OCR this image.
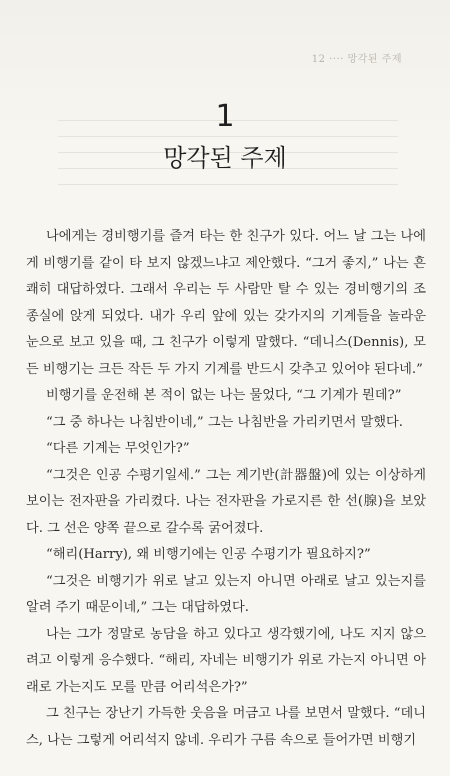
12 ···· 망각된 주제
1
망각된 주제

나에게는 경비행기를 즐겨 타는 한 친구가 있다. 어느 날 그는 나에게 비행기를 같이 타 보지 않겠느냐고 제안했다. “그거 좋지,” 나는 흔쾌히 대답하였다. 그래서 우리는 두 사람만 탈 수 있는 경비행기의 조종실에 앉게 되었다. 내가 우리 앞에 있는 갖가지의 기계들을 놀라운 눈으로 보고 있을 때, 그 친구가 이렇게 말했다. “데니스(Dennis), 모든 비행기는 크든 작든 두 가지 기계를 반드시 갖추고 있어야 된다네.”

비행기를 운전해 본 적이 없는 나는 물었다, “그 기계가 뭔데?”

“그 중 하나는 나침반이네,” 그는 나침반을 가리키면서 말했다.

“다른 기계는 무엇인가?”

“그것은 인공 수평기일세.” 그는 계기반(計器盤)에 있는 이상하게 보이는 전자판을 가리켰다. 나는 전자판을 가로지른 한 선(腺)을 보았다. 그 선은 양쪽 끝으로 갈수록 굵어졌다.

“해리(Harry), 왜 비행기에는 인공 수평기가 필요하지?”

“그것은 비행기가 위로 날고 있는지 아니면 아래로 날고 있는지를 알려 주기 때문이네,” 그는 대답하였다.

나는 그가 정말로 농담을 하고 있다고 생각했기에, 나도 지지 않으려고 이렇게 응수했다. “해리, 자네는 비행기가 위로 가는지 아니면 아래로 가는지도 모를 만큼 어리석은가?”

그 친구는 장난기 가득한 웃음을 머금고 나를 보면서 말했다. “데니스, 나는 그렇게 어리석지 않네. 우리가 구름 속으로 들어가면 비행기
